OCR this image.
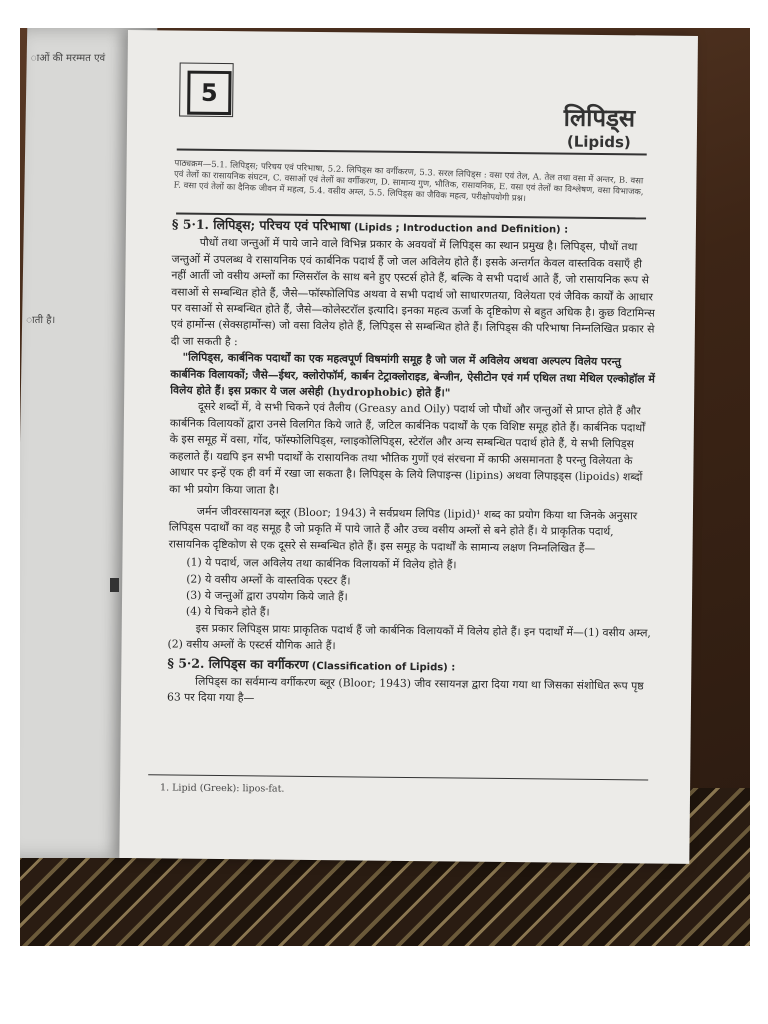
ाओं की मरम्मत एवं
ाती है।
5
लिपिड्स
(Lipids)
पाठ्यक्रम—5.1. लिपिड्स; परिचय एवं परिभाषा, 5.2. लिपिड्स का वर्गीकरण, 5.3. सरल लिपिड्स : वसा एवं तेल, A. तेल तथा वसा में अन्तर, B. वसा एवं तेलों का रासायनिक संघटन, C. वसाओं एवं तेलों का वर्गीकरण, D. सामान्य गुण, भौतिक, रासायनिक, E. वसा एवं तेलों का विश्लेषण, वसा विभाजक, F. वसा एवं तेलों का दैनिक जीवन में महत्व, 5.4. वसीय अम्ल, 5.5. लिपिड्स का जैविक महत्व, परीक्षोपयोगी प्रश्न।

§ 5·1. लिपिड्स; परिचय एवं परिभाषा (Lipids ; Introduction and Definition) :

पौधों तथा जन्तुओं में पाये जाने वाले विभिन्न प्रकार के अवयवों में लिपिड्स का स्थान प्रमुख है। लिपिड्स, पौधों तथा जन्तुओं में उपलब्ध वे रासायनिक एवं कार्बनिक पदार्थ हैं जो जल अविलेय होते हैं। इसके अन्तर्गत केवल वास्तविक वसाएँ ही नहीं आतीं जो वसीय अम्लों का ग्लिसरॉल के साथ बने हुए एस्टर्स होते हैं, बल्कि वे सभी पदार्थ आते हैं, जो रासायनिक रूप से वसाओं से सम्बन्धित होते हैं, जैसे—फॉस्फोलिपिड अथवा वे सभी पदार्थ जो साधारणतया, विलेयता एवं जैविक कार्यों के आधार पर वसाओं से सम्बन्धित होते हैं, जैसे—कोलेस्टरॉल इत्यादि। इनका महत्व ऊर्जा के दृष्टिकोण से बहुत अधिक है। कुछ विटामिन्स एवं हार्मोन्स (सेक्सहार्मोन्स) जो वसा विलेय होते हैं, लिपिड्स से सम्बन्धित होते हैं। लिपिड्स की परिभाषा निम्नलिखित प्रकार से दी जा सकती है :

"लिपिड्स, कार्बनिक पदार्थों का एक महत्वपूर्ण विषमांगी समूह है जो जल में अविलेय अथवा अल्पल्प विलेय परन्तु कार्बनिक विलायकों; जैसे—ईथर, क्लोरोफॉर्म, कार्बन टेट्राक्लोराइड, बेन्जीन, ऐसीटोन एवं गर्म एथिल तथा मेथिल एल्कोहॉल में विलेय होते हैं। इस प्रकार ये जल असेही (hydrophobic) होते हैं।"

दूसरे शब्दों में, वे सभी चिकने एवं तैलीय (Greasy and Oily) पदार्थ जो पौधों और जन्तुओं से प्राप्त होते हैं और कार्बनिक विलायकों द्वारा उनसे विलगित किये जाते हैं, जटिल कार्बनिक पदार्थों के एक विशिष्ट समूह होते हैं। कार्बनिक पदार्थों के इस समूह में वसा, गोंद, फॉस्फोलिपिड्स, ग्लाइकोलिपिड्स, स्टेरॉल और अन्य सम्बन्धित पदार्थ होते हैं, ये सभी लिपिड्स कहलाते हैं। यद्यपि इन सभी पदार्थों के रासायनिक तथा भौतिक गुणों एवं संरचना में काफी असमानता है परन्तु विलेयता के आधार पर इन्हें एक ही वर्ग में रखा जा सकता है। लिपिड्स के लिये लिपाइन्स (lipins) अथवा लिपाइड्स (lipoids) शब्दों का भी प्रयोग किया जाता है।

जर्मन जीवरसायनज्ञ ब्लूर (Bloor; 1943) ने सर्वप्रथम लिपिड (lipid)¹ शब्द का प्रयोग किया था जिनके अनुसार लिपिड्स पदार्थों का वह समूह है जो प्रकृति में पाये जाते हैं और उच्च वसीय अम्लों से बने होते हैं। ये प्राकृतिक पदार्थ, रासायनिक दृष्टिकोण से एक दूसरे से सम्बन्धित होते हैं। इस समूह के पदार्थों के सामान्य लक्षण निम्नलिखित हैं—

(1) ये पदार्थ, जल अविलेय तथा कार्बनिक विलायकों में विलेय होते हैं।

(2) ये वसीय अम्लों के वास्तविक एस्टर हैं।

(3) ये जन्तुओं द्वारा उपयोग किये जाते हैं।

(4) ये चिकने होते हैं।

इस प्रकार लिपिड्स प्रायः प्राकृतिक पदार्थ हैं जो कार्बनिक विलायकों में विलेय होते हैं। इन पदार्थों में—(1) वसीय अम्ल, (2) वसीय अम्लों के एस्टर्स यौगिक आते हैं।

§ 5·2. लिपिड्स का वर्गीकरण (Classification of Lipids) :

लिपिड्स का सर्वमान्य वर्गीकरण ब्लूर (Bloor; 1943) जीव रसायनज्ञ द्वारा दिया गया था जिसका संशोधित रूप पृष्ठ 63 पर दिया गया है—

1. Lipid (Greek): lipos-fat.
